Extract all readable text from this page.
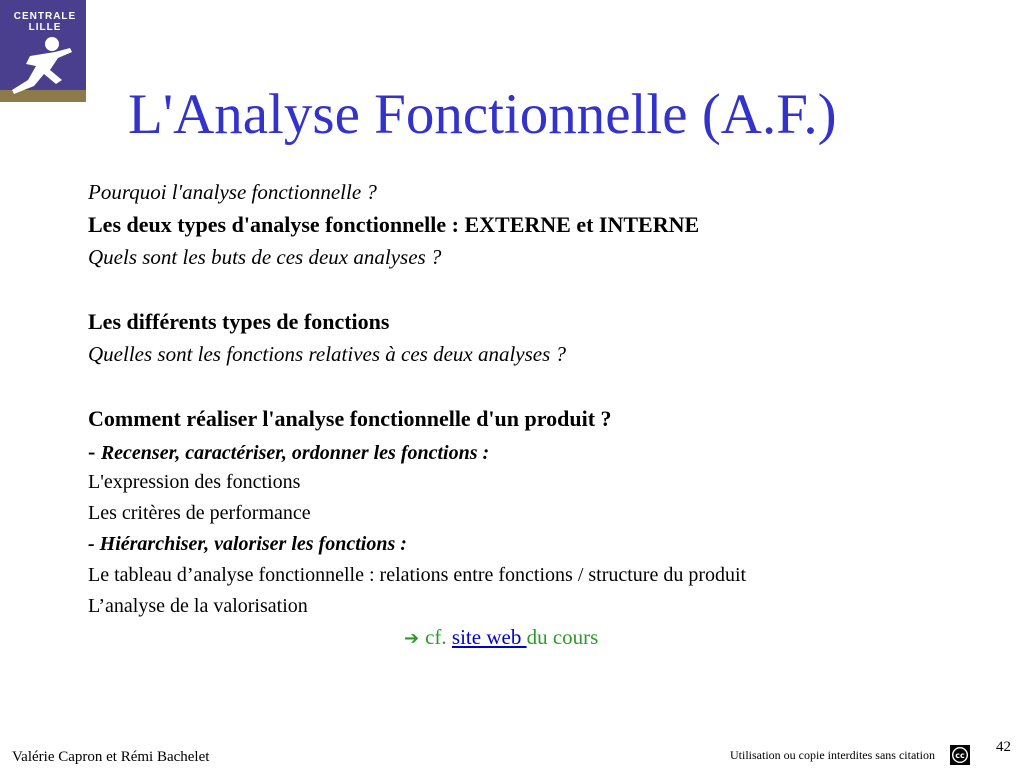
CENTRALE
LILLE
L'Analyse Fonctionnelle (A.F.)
Pourquoi l'analyse fonctionnelle ?
Les deux types d'analyse fonctionnelle : EXTERNE et INTERNE
Quels sont les buts de ces deux analyses ?
Les différents types de fonctions
Quelles sont les fonctions relatives à ces deux analyses ?
Comment réaliser l'analyse fonctionnelle d'un produit ?
- Recenser, caractériser, ordonner les fonctions :
L'expression des fonctions
Les critères de performance
- Hiérarchiser, valoriser les fonctions :
Le tableau d’analyse fonctionnelle : relations entre fonctions / structure du produit
L’analyse de la valorisation
➔ cf. site web du cours
Valérie Capron et Rémi Bachelet	Utilisation ou copie interdites sans citation	cc
42
